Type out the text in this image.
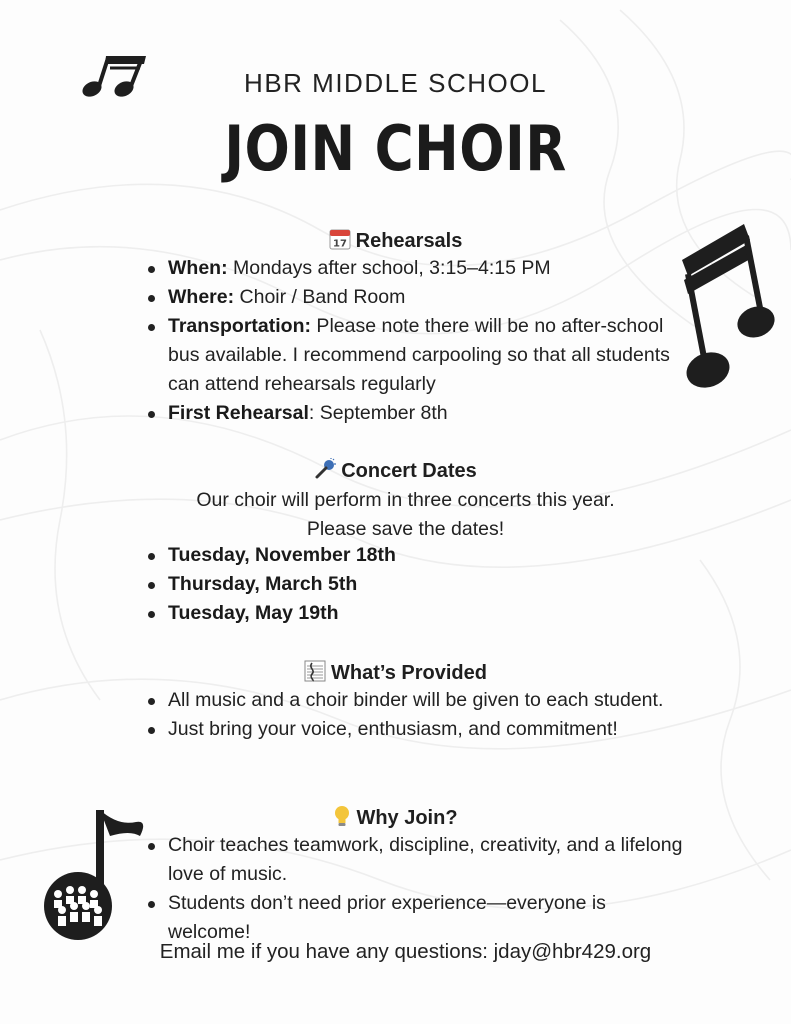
HBR MIDDLE SCHOOL
JOIN CHOIR
17 Rehearsals
When: Mondays after school, 3:15–4:15 PM
Where: Choir / Band Room
Transportation: Please note there will be no after-school bus available. I recommend carpooling so that all students can attend rehearsals regularly
First Rehearsal: September 8th
Concert Dates
Our choir will perform in three concerts this year.
Please save the dates!
Tuesday, November 18th
Thursday, March 5th
Tuesday, May 19th
What’s Provided
All music and a choir binder will be given to each student.
Just bring your voice, enthusiasm, and commitment!
Why Join?
Choir teaches teamwork, discipline, creativity, and a lifelong love of music.
Students don’t need prior experience—everyone is welcome!
Email me if you have any questions: jday@hbr429.org
